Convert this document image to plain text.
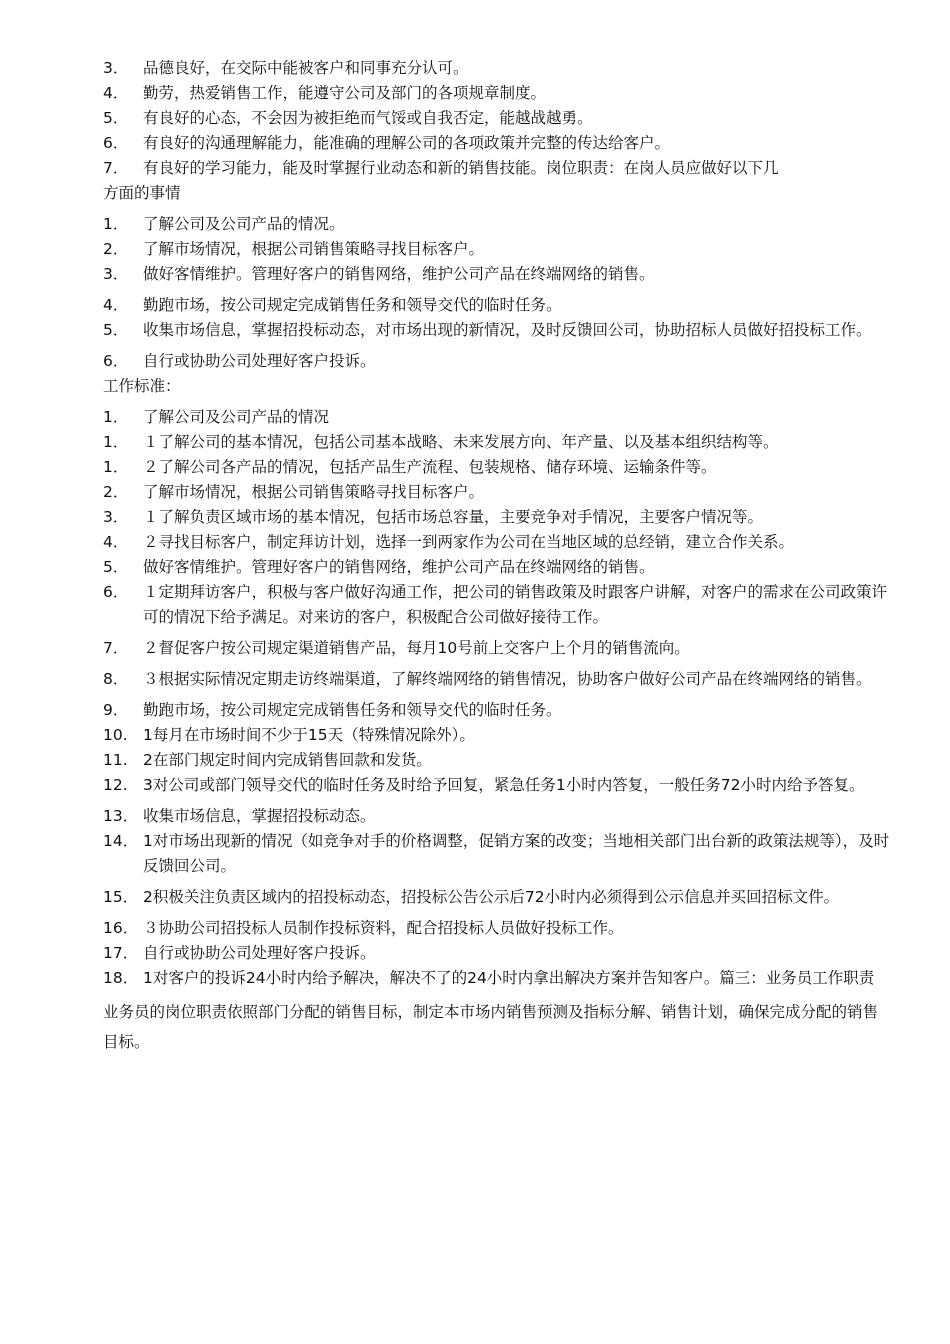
3． 品德良好，在交际中能被客户和同事充分认可。
4． 勤劳，热爱销售工作，能遵守公司及部门的各项规章制度。
5． 有良好的心态，不会因为被拒绝而气馁或自我否定，能越战越勇。
6． 有良好的沟通理解能力，能准确的理解公司的各项政策并完整的传达给客户。
7． 有良好的学习能力，能及时掌握行业动态和新的销售技能。岗位职责：在岗人员应做好以下几
方面的事情
1． 了解公司及公司产品的情况。
2． 了解市场情况，根据公司销售策略寻找目标客户。
3． 做好客情维护。管理好客户的销售网络，维护公司产品在终端网络的销售。
4． 勤跑市场，按公司规定完成销售任务和领导交代的临时任务。
5． 收集市场信息，掌握招投标动态，对市场出现的新情况，及时反馈回公司，协助招标人员做好招投标工作。
6． 自行或协助公司处理好客户投诉。
工作标准：
1． 了解公司及公司产品的情况
1． １了解公司的基本情况，包括公司基本战略、未来发展方向、年产量、以及基本组织结构等。
1． ２了解公司各产品的情况，包括产品生产流程、包装规格、储存环境、运输条件等。
2． 了解市场情况，根据公司销售策略寻找目标客户。
3． １了解负责区域市场的基本情况，包括市场总容量，主要竞争对手情况，主要客户情况等。
4． ２寻找目标客户，制定拜访计划，选择一到两家作为公司在当地区域的总经销，建立合作关系。
5． 做好客情维护。管理好客户的销售网络，维护公司产品在终端网络的销售。
6． １定期拜访客户，积极与客户做好沟通工作，把公司的销售政策及时跟客户讲解，对客户的需求在公司政策许可的情况下给予满足。对来访的客户，积极配合公司做好接待工作。
7． ２督促客户按公司规定渠道销售产品，每月10号前上交客户上个月的销售流向。
8． ３根据实际情况定期走访终端渠道，了解终端网络的销售情况，协助客户做好公司产品在终端网络的销售。
9． 勤跑市场，按公司规定完成销售任务和领导交代的临时任务。
10. 1每月在市场时间不少于15天（特殊情况除外）。
11. 2在部门规定时间内完成销售回款和发货。
12. 3对公司或部门领导交代的临时任务及时给予回复，紧急任务1小时内答复，一般任务72小时内给予答复。
13． 收集市场信息，掌握招投标动态。
14． 1对市场出现新的情况（如竞争对手的价格调整，促销方案的改变；当地相关部门出台新的政策法规等），及时反馈回公司。
15． 2积极关注负责区域内的招投标动态，招投标公告公示后72小时内必须得到公示信息并买回招标文件。
16． ３协助公司招投标人员制作投标资料，配合招投标人员做好投标工作。
17． 自行或协助公司处理好客户投诉。
18． 1对客户的投诉24小时内给予解决，解决不了的24小时内拿出解决方案并告知客户。篇三：业务员工作职责
业务员的岗位职责依照部门分配的销售目标，制定本市场内销售预测及指标分解、销售计划，确保完成分配的销售目标。
